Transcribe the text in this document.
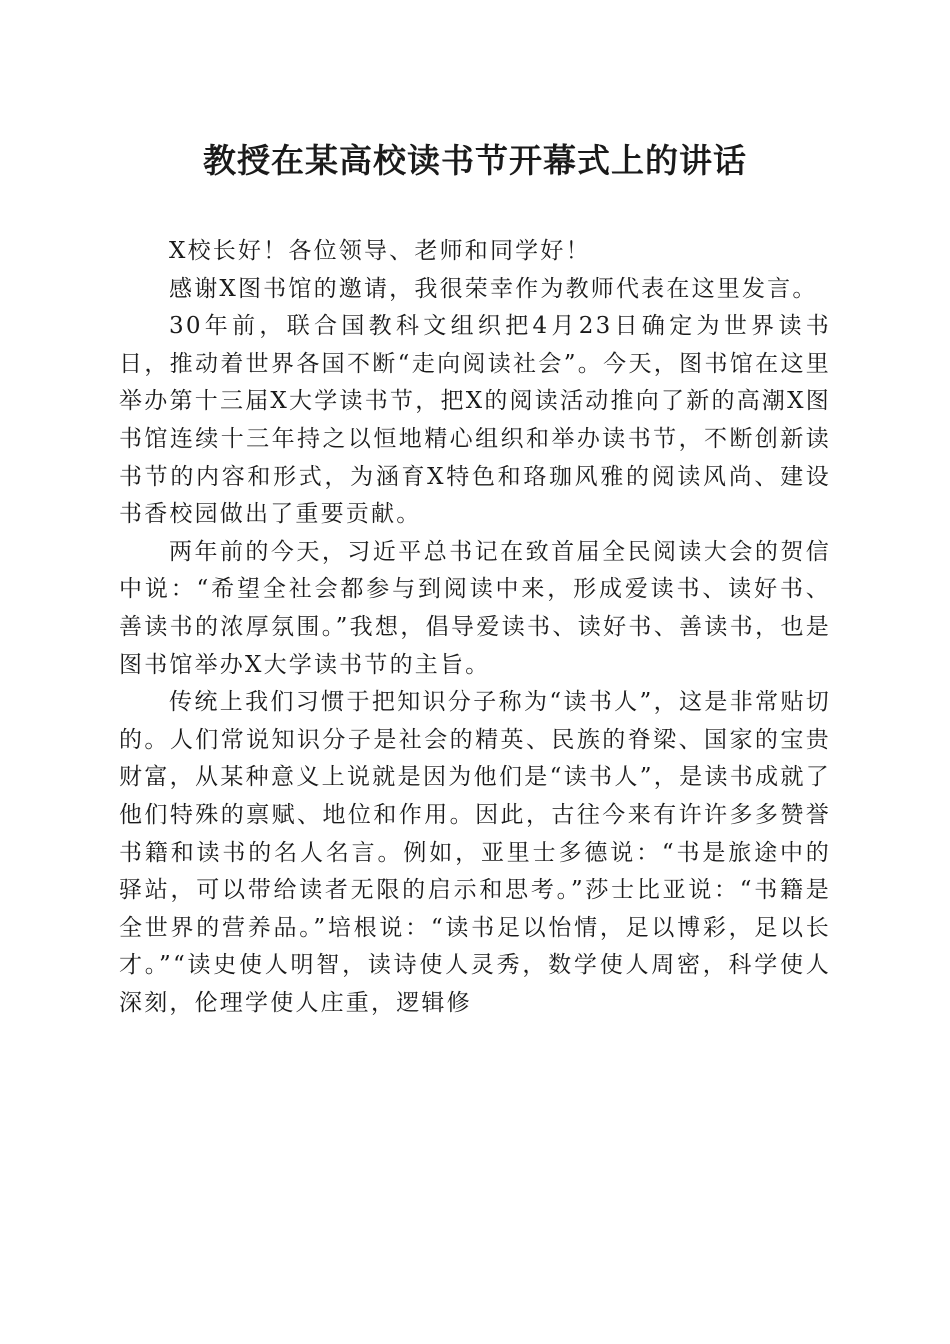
教授在某高校读书节开幕式上的讲话

X校长好！各位领导、老师和同学好！

感谢X图书馆的邀请，我很荣幸作为教师代表在这里发言。

30年前，联合国教科文组织把4月23日确定为世界读书日，推动着世界各国不断“走向阅读社会”。今天，图书馆在这里举办第十三届X大学读书节，把X的阅读活动推向了新的高潮X图书馆连续十三年持之以恒地精心组织和举办读书节，不断创新读书节的内容和形式，为涵育X特色和珞珈风雅的阅读风尚、建设书香校园做出了重要贡献。

两年前的今天，习近平总书记在致首届全民阅读大会的贺信中说：“希望全社会都参与到阅读中来，形成爱读书、读好书、善读书的浓厚氛围。”我想，倡导爱读书、读好书、善读书，也是图书馆举办X大学读书节的主旨。

传统上我们习惯于把知识分子称为“读书人”，这是非常贴切的。人们常说知识分子是社会的精英、民族的脊梁、国家的宝贵财富，从某种意义上说就是因为他们是“读书人”，是读书成就了他们特殊的禀赋、地位和作用。因此，古往今来有许许多多赞誉书籍和读书的名人名言。例如，亚里士多德说：“书是旅途中的驿站，可以带给读者无限的启示和思考。”莎士比亚说：“书籍是全世界的营养品。”培根说：“读书足以怡情，足以博彩，足以长才。”“读史使人明智，读诗使人灵秀，数学使人周密，科学使人深刻，伦理学使人庄重，逻辑修
